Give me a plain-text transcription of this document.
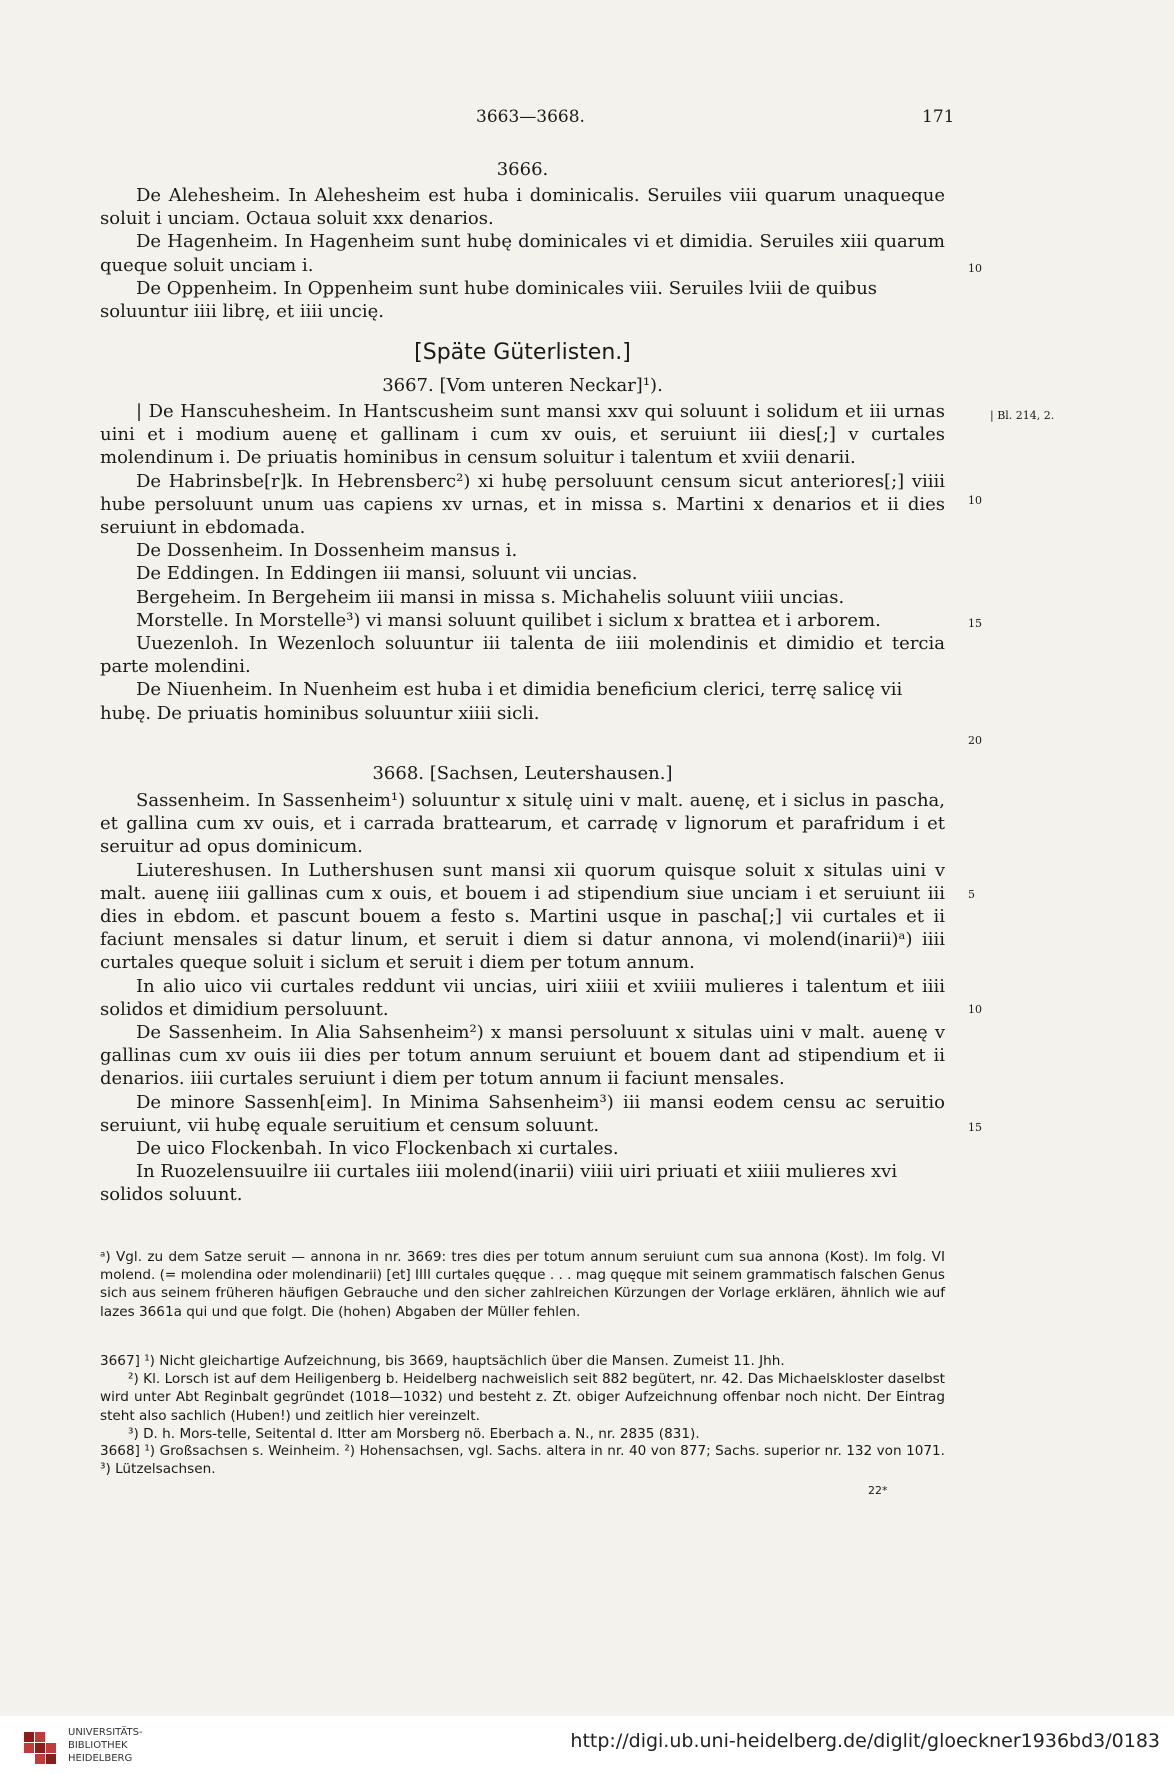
3663—3668.	171
3666.

De Alehesheim. In Alehesheim est huba i dominicalis. Seruiles viii quarum unaqueque soluit i unciam. Octaua soluit xxx denarios.

De Hagenheim. In Hagenheim sunt hubę dominicales vi et dimidia. Seruiles xiii quarum queque soluit unciam i.

De Oppenheim. In Oppenheim sunt hube dominicales viii. Seruiles lviii de quibus soluuntur iiii librę, et iiii uncię.

10
[Späte Güterlisten.]
3667. [Vom unteren Neckar]¹).
| Bl. 214, 2.

| De Hanscuhesheim. In Hantscusheim sunt mansi xxv qui soluunt i solidum et iii urnas uini et i modium auenę et gallinam i cum xv ouis, et seruiunt iii dies[;] v curtales molendinum i. De priuatis hominibus in censum soluitur i talentum et xviii denarii.

De Habrinsbe[r]k. In Hebrensberc²) xi hubę persoluunt censum sicut anteriores[;] viiii hube persoluunt unum uas capiens xv urnas, et in missa s. Martini x denarios et ii dies seruiunt in ebdomada.

De Dossenheim. In Dossenheim mansus i.

De Eddingen. In Eddingen iii mansi, soluunt vii uncias.

Bergeheim. In Bergeheim iii mansi in missa s. Michahelis soluunt viiii uncias.

Morstelle. In Morstelle³) vi mansi soluunt quilibet i siclum x brattea et i arborem.

Uuezenloh. In Wezenloch soluuntur iii talenta de iiii molendinis et dimidio et tercia parte molendini.

De Niuenheim. In Nuenheim est huba i et dimidia beneficium clerici, terrę salicę vii hubę. De priuatis hominibus soluuntur xiiii sicli.

10
15
20
3668. [Sachsen, Leutershausen.]

Sassenheim. In Sassenheim¹) soluuntur x situlę uini v malt. auenę, et i siclus in pascha, et gallina cum xv ouis, et i carrada brattearum, et carradę v lignorum et parafridum i et seruitur ad opus dominicum.

Liutereshusen. In Luthershusen sunt mansi xii quorum quisque soluit x situlas uini v malt. auenę iiii gallinas cum x ouis, et bouem i ad stipendium siue unciam i et seruiunt iii dies in ebdom. et pascunt bouem a festo s. Martini usque in pascha[;] vii curtales et ii faciunt mensales si datur linum, et seruit i diem si datur annona, vi molend(inarii)ᵃ) iiii curtales queque soluit i siclum et seruit i diem per totum annum.

In alio uico vii curtales reddunt vii uncias, uiri xiiii et xviiii mulieres i talentum et iiii solidos et dimidium persoluunt.

De Sassenheim. In Alia Sahsenheim²) x mansi persoluunt x situlas uini v malt. auenę v gallinas cum xv ouis iii dies per totum annum seruiunt et bouem dant ad stipendium et ii denarios. iiii curtales seruiunt i diem per totum annum ii faciunt mensales.

De minore Sassenh[eim]. In Minima Sahsenheim³) iii mansi eodem censu ac seruitio seruiunt, vii hubę equale seruitium et censum soluunt.

De uico Flockenbah. In vico Flockenbach xi curtales.

In Ruozelensuuilre iii curtales iiii molend(inarii) viiii uiri priuati et xiiii mulieres xvi solidos soluunt.

5
10
15

ᵃ) Vgl. zu dem Satze seruit — annona in nr. 3669: tres dies per totum annum seruiunt cum sua annona (Kost). Im folg. VI molend. (= molendina oder molendinarii) [et] IIII curtales quęque . . . mag quęque mit seinem grammatisch falschen Genus sich aus seinem früheren häufigen Gebrauche und den sicher zahlreichen Kürzungen der Vorlage erklären, ähnlich wie auf lazes 3661a qui und que folgt. Die (hohen) Abgaben der Müller fehlen.

3667] ¹) Nicht gleichartige Aufzeichnung, bis 3669, hauptsächlich über die Mansen. Zumeist 11. Jhh.

²) Kl. Lorsch ist auf dem Heiligenberg b. Heidelberg nachweislich seit 882 begütert, nr. 42. Das Michaelskloster daselbst wird unter Abt Reginbalt gegründet (1018—1032) und besteht z. Zt. obiger Aufzeichnung offenbar noch nicht. Der Eintrag steht also sachlich (Huben!) und zeitlich hier vereinzelt.

³) D. h. Mors-telle, Seitental d. Itter am Morsberg nö. Eberbach a. N., nr. 2835 (831).

3668] ¹) Großsachsen s. Weinheim. ²) Hohensachsen, vgl. Sachs. altera in nr. 40 von 877; Sachs. superior nr. 132 von 1071. ³) Lützelsachsen.

22*
UNIVERSITÄTS-
BIBLIOTHEK
HEIDELBERG
http://digi.ub.uni-heidelberg.de/diglit/gloeckner1936bd3/0183
